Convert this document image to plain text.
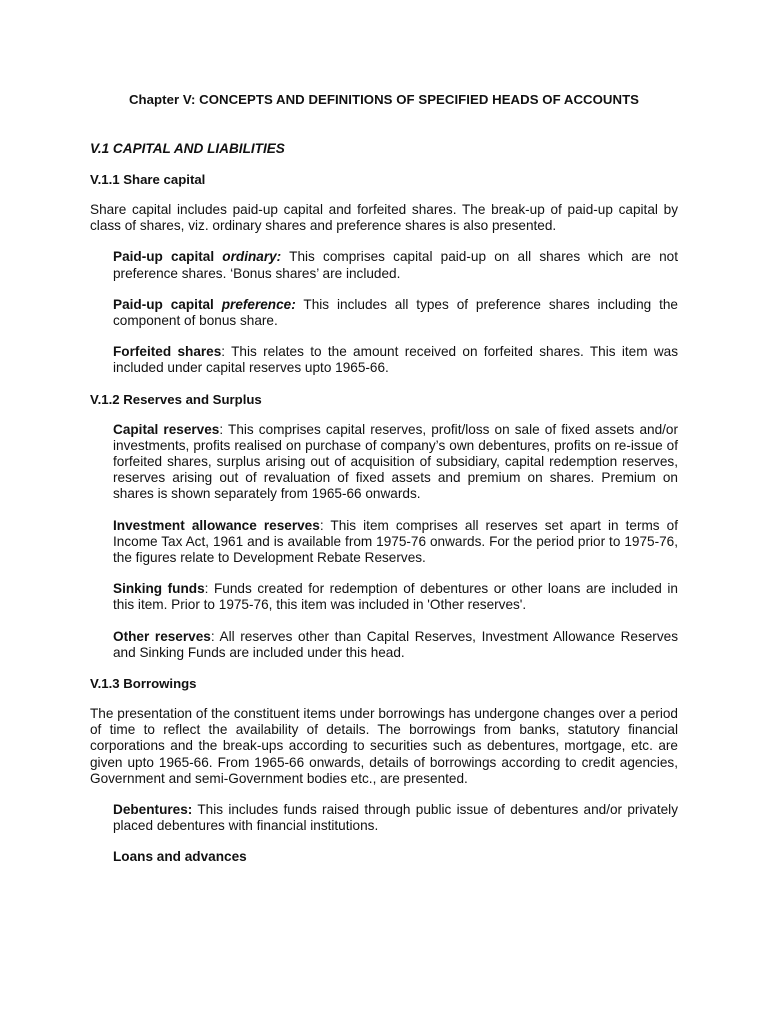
Chapter V: CONCEPTS AND DEFINITIONS OF SPECIFIED HEADS OF ACCOUNTS
V.1 CAPITAL AND LIABILITIES
V.1.1 Share capital

Share capital includes paid-up capital and forfeited shares. The break-up of paid-up capital by class of shares, viz. ordinary shares and preference shares is also presented.

Paid-up capital ordinary: This comprises capital paid-up on all shares which are not preference shares. ‘Bonus shares’ are included.

Paid-up capital preference: This includes all types of preference shares including the component of bonus share.

Forfeited shares: This relates to the amount received on forfeited shares. This item was included under capital reserves upto 1965-66.

V.1.2 Reserves and Surplus

Capital reserves: This comprises capital reserves, profit/loss on sale of fixed assets and/or investments, profits realised on purchase of company’s own debentures, profits on re-issue of forfeited shares, surplus arising out of acquisition of subsidiary, capital redemption reserves, reserves arising out of revaluation of fixed assets and premium on shares. Premium on shares is shown separately from 1965-66 onwards.

Investment allowance reserves: This item comprises all reserves set apart in terms of Income Tax Act, 1961 and is available from 1975-76 onwards. For the period prior to 1975-76, the figures relate to Development Rebate Reserves.

Sinking funds: Funds created for redemption of debentures or other loans are included in this item. Prior to 1975-76, this item was included in 'Other reserves'.

Other reserves: All reserves other than Capital Reserves, Investment Allowance Reserves and Sinking Funds are included under this head.

V.1.3 Borrowings

The presentation of the constituent items under borrowings has undergone changes over a period of time to reflect the availability of details. The borrowings from banks, statutory financial corporations and the break-ups according to securities such as debentures, mortgage, etc. are given upto 1965-66. From 1965-66 onwards, details of borrowings according to credit agencies, Government and semi-Government bodies etc., are presented.

Debentures: This includes funds raised through public issue of debentures and/or privately placed debentures with financial institutions.

Loans and advances
